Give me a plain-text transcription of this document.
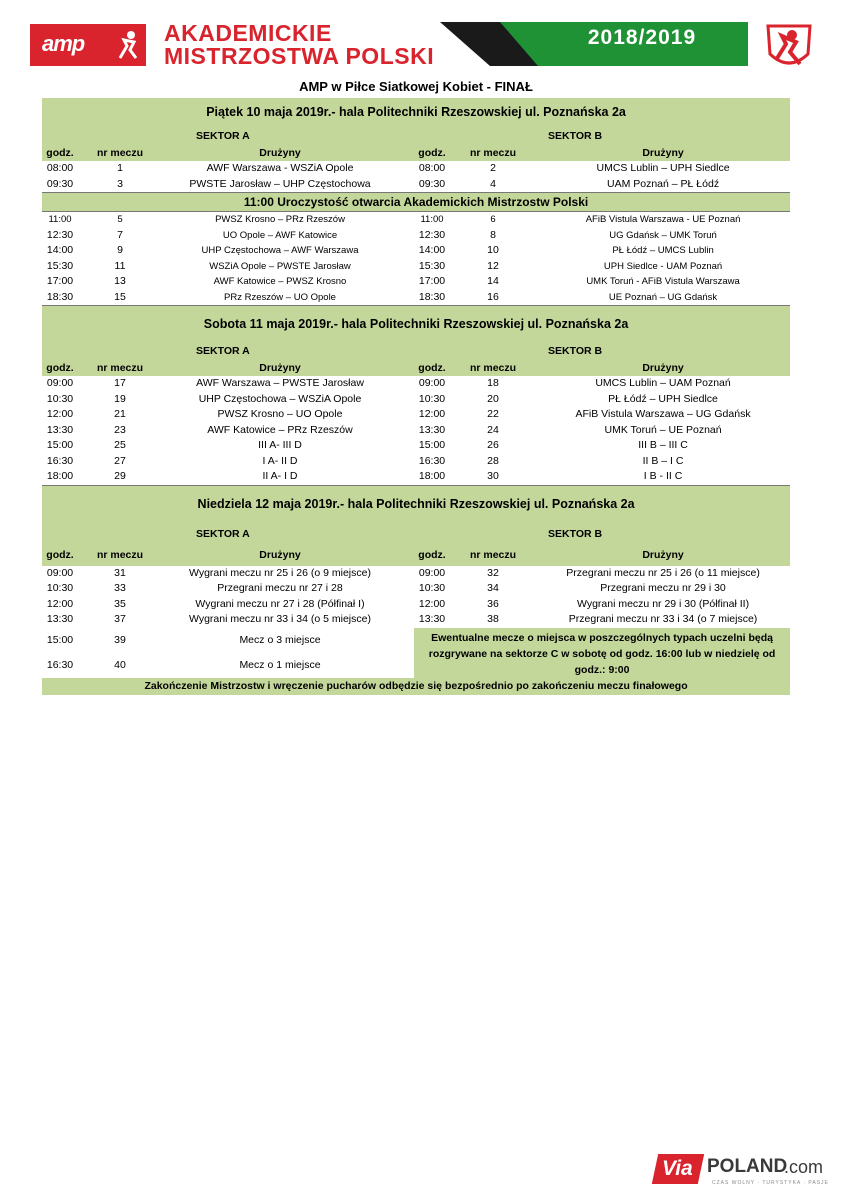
amp	AKADEMICKIE
MISTRZOSTWA POLSKI
2018/2019
AMP w Piłce Siatkowej Kobiet - FINAŁ
Piątek 10 maja 2019r.- hala Politechniki Rzeszowskiej ul. Poznańska 2a						
		SEKTOR A				SEKTOR B
godz.	nr meczu	Drużyny		godz.	nr meczu	Drużyny
08:00	1	AWF Warszawa - WSZiA Opole		08:00	2	UMCS Lublin – UPH Siedlce
09:30	3	PWSTE Jarosław – UHP Częstochowa		09:30	4	UAM Poznań – PŁ Łódź
11:00 Uroczystość otwarcia Akademickich Mistrzostw Polski						
11:00	5	PWSZ Krosno – PRz Rzeszów		11:00	6	AFiB Vistula Warszawa - UE Poznań
12:30	7	UO Opole – AWF Katowice		12:30	8	UG Gdańsk – UMK Toruń
14:00	9	UHP Częstochowa – AWF Warszawa		14:00	10	PŁ Łódź – UMCS Lublin
15:30	11	WSZiA Opole – PWSTE Jarosław		15:30	12	UPH Siedlce - UAM Poznań
17:00	13	AWF Katowice – PWSZ Krosno		17:00	14	UMK Toruń - AFiB Vistula Warszawa
18:30	15	PRz Rzeszów – UO Opole		18:30	16	UE Poznań – UG Gdańsk
Sobota 11 maja 2019r.- hala Politechniki Rzeszowskiej ul. Poznańska 2a						
		SEKTOR A				SEKTOR B
godz.	nr meczu	Drużyny		godz.	nr meczu	Drużyny
09:00	17	AWF Warszawa – PWSTE Jarosław		09:00	18	UMCS Lublin – UAM Poznań
10:30	19	UHP Częstochowa – WSZiA Opole		10:30	20	PŁ Łódź – UPH Siedlce
12:00	21	PWSZ Krosno – UO Opole		12:00	22	AFiB Vistula Warszawa – UG Gdańsk
13:30	23	AWF Katowice – PRz Rzeszów		13:30	24	UMK Toruń – UE Poznań
15:00	25	III A- III D		15:00	26	III B – III C
16:30	27	I A- II D		16:30	28	II B – I C
18:00	29	II A- I D		18:00	30	I B - II C
Niedziela 12 maja 2019r.- hala Politechniki Rzeszowskiej ul. Poznańska 2a						
		SEKTOR A				SEKTOR B
godz.	nr meczu	Drużyny		godz.	nr meczu	Drużyny
09:00	31	Wygrani meczu nr 25 i 26 (o 9 miejsce)		09:00	32	Przegrani meczu nr 25 i 26 (o 11 miejsce)
10:30	33	Przegrani meczu nr 27 i 28		10:30	34	Przegrani meczu nr 29 i 30
12:00	35	Wygrani meczu nr 27 i 28 (Półfinał I)		12:00	36	Wygrani meczu nr 29 i 30 (Półfinał II)
13:30	37	Wygrani meczu nr 33 i 34 (o 5 miejsce)		13:30	38	Przegrani meczu nr 33 i 34 (o 7 miejsce)
15:00	39	Mecz o 3 miejsce		Ewentualne mecze o miejsca w poszczególnych typach uczelni będą rozgrywane na sektorze C w sobotę od godz. 16:00 lub w niedzielę od godz.: 9:00		
16:30	40	Mecz o 1 miejsce				
Zakończenie Mistrzostw i wręczenie pucharów odbędzie się bezpośrednio po zakończeniu meczu finałowego						
Via POLAND
.com
CZAS WOLNY · TURYSTYKA · PASJE
